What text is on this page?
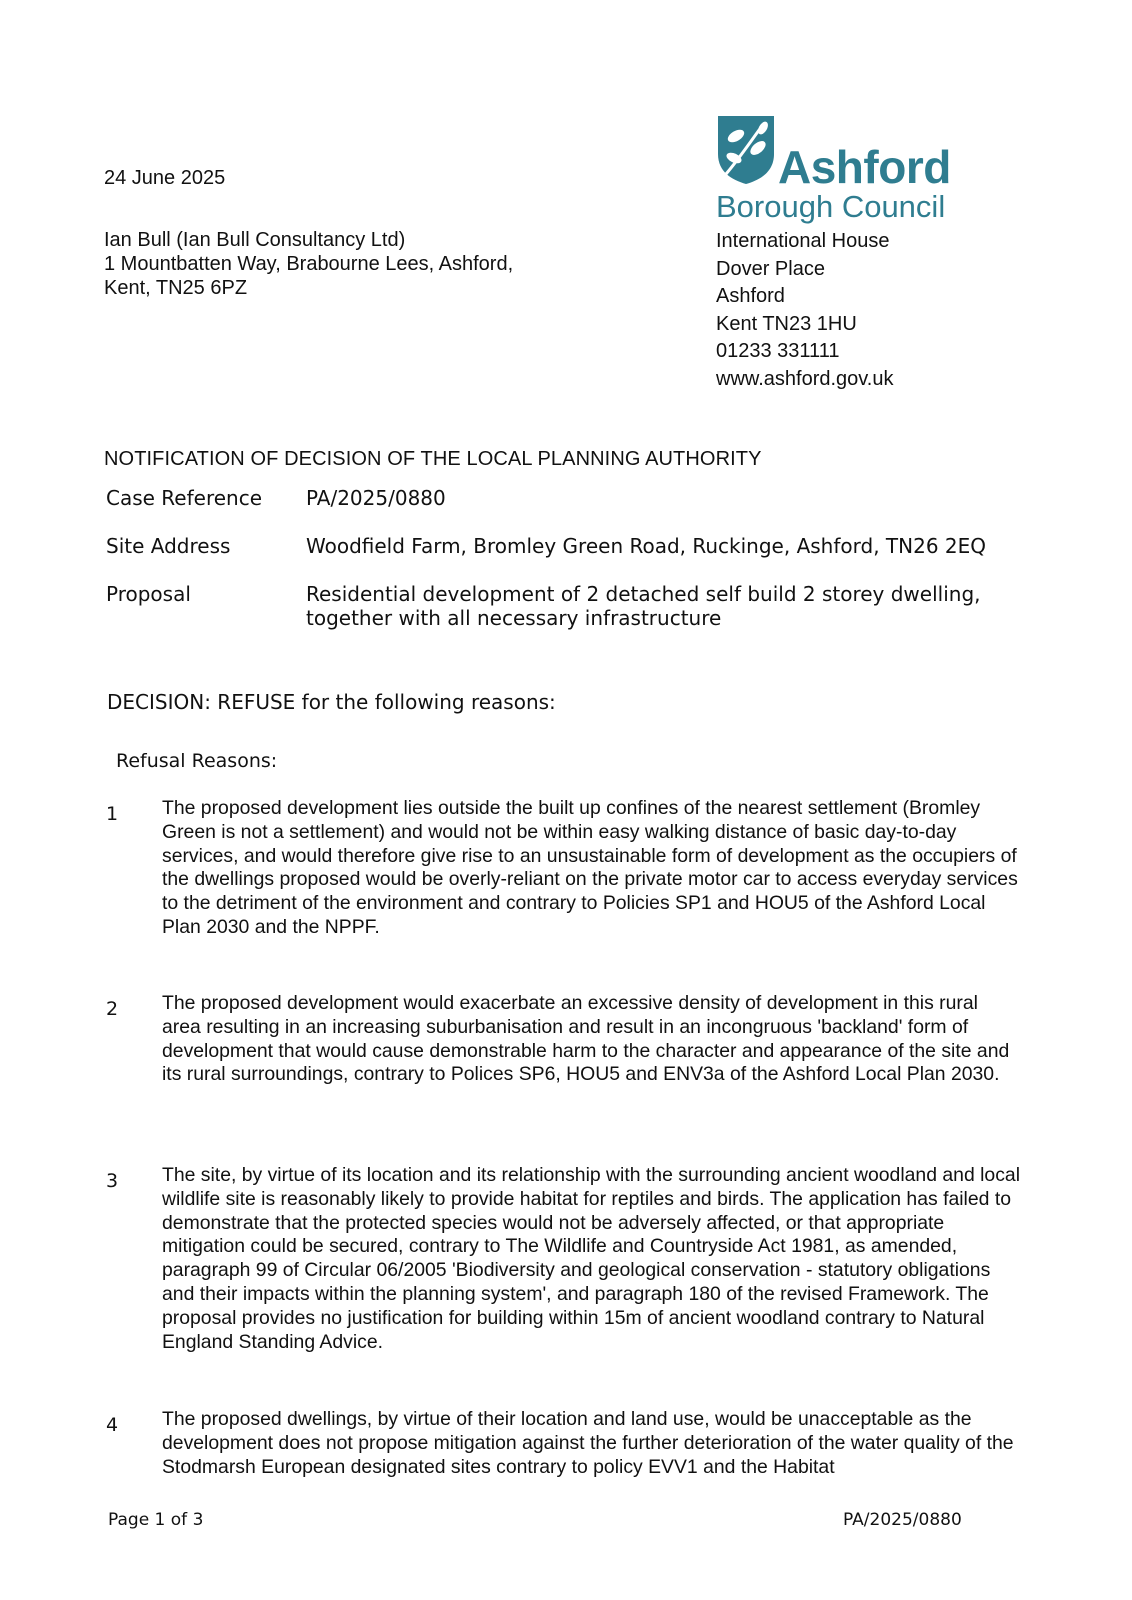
24 June 2025
Ian Bull (Ian Bull Consultancy Ltd)
1 Mountbatten Way, Brabourne Lees, Ashford,
Kent, TN25 6PZ
Ashford
Borough Council
International House
Dover Place
Ashford
Kent TN23 1HU
01233 331111
www.ashford.gov.uk
NOTIFICATION OF DECISION OF THE LOCAL PLANNING AUTHORITY
Case Reference	PA/2025/0880
Site Address	Woodfield Farm, Bromley Green Road, Ruckinge, Ashford, TN26 2EQ
Proposal	Residential development of 2 detached self build 2 storey dwelling, together with all necessary infrastructure
DECISION: REFUSE for the following reasons:
Refusal Reasons:
1 The proposed development lies outside the built up confines of the nearest settlement (Bromley Green is not a settlement) and would not be within easy walking distance of basic day-to-day services, and would therefore give rise to an unsustainable form of development as the occupiers of the dwellings proposed would be overly-reliant on the private motor car to access everyday services to the detriment of the environment and contrary to Policies SP1 and HOU5 of the Ashford Local Plan 2030 and the NPPF.
2 The proposed development would exacerbate an excessive density of development in this rural area resulting in an increasing suburbanisation and result in an incongruous 'backland' form of development that would cause demonstrable harm to the character and appearance of the site and its rural surroundings, contrary to Polices SP6, HOU5 and ENV3a of the Ashford Local Plan 2030.
3 The site, by virtue of its location and its relationship with the surrounding ancient woodland and local wildlife site is reasonably likely to provide habitat for reptiles and birds. The application has failed to demonstrate that the protected species would not be adversely affected, or that appropriate mitigation could be secured, contrary to The Wildlife and Countryside Act 1981, as amended, paragraph 99 of Circular 06/2005 'Biodiversity and geological conservation - statutory obligations and their impacts within the planning system', and paragraph 180 of the revised Framework. The proposal provides no justification for building within 15m of ancient woodland contrary to Natural England Standing Advice.
4 The proposed dwellings, by virtue of their location and land use, would be unacceptable as the development does not propose mitigation against the further deterioration of the water quality of the Stodmarsh European designated sites contrary to policy EVV1 and the Habitat
Page 1 of 3	PA/2025/0880
